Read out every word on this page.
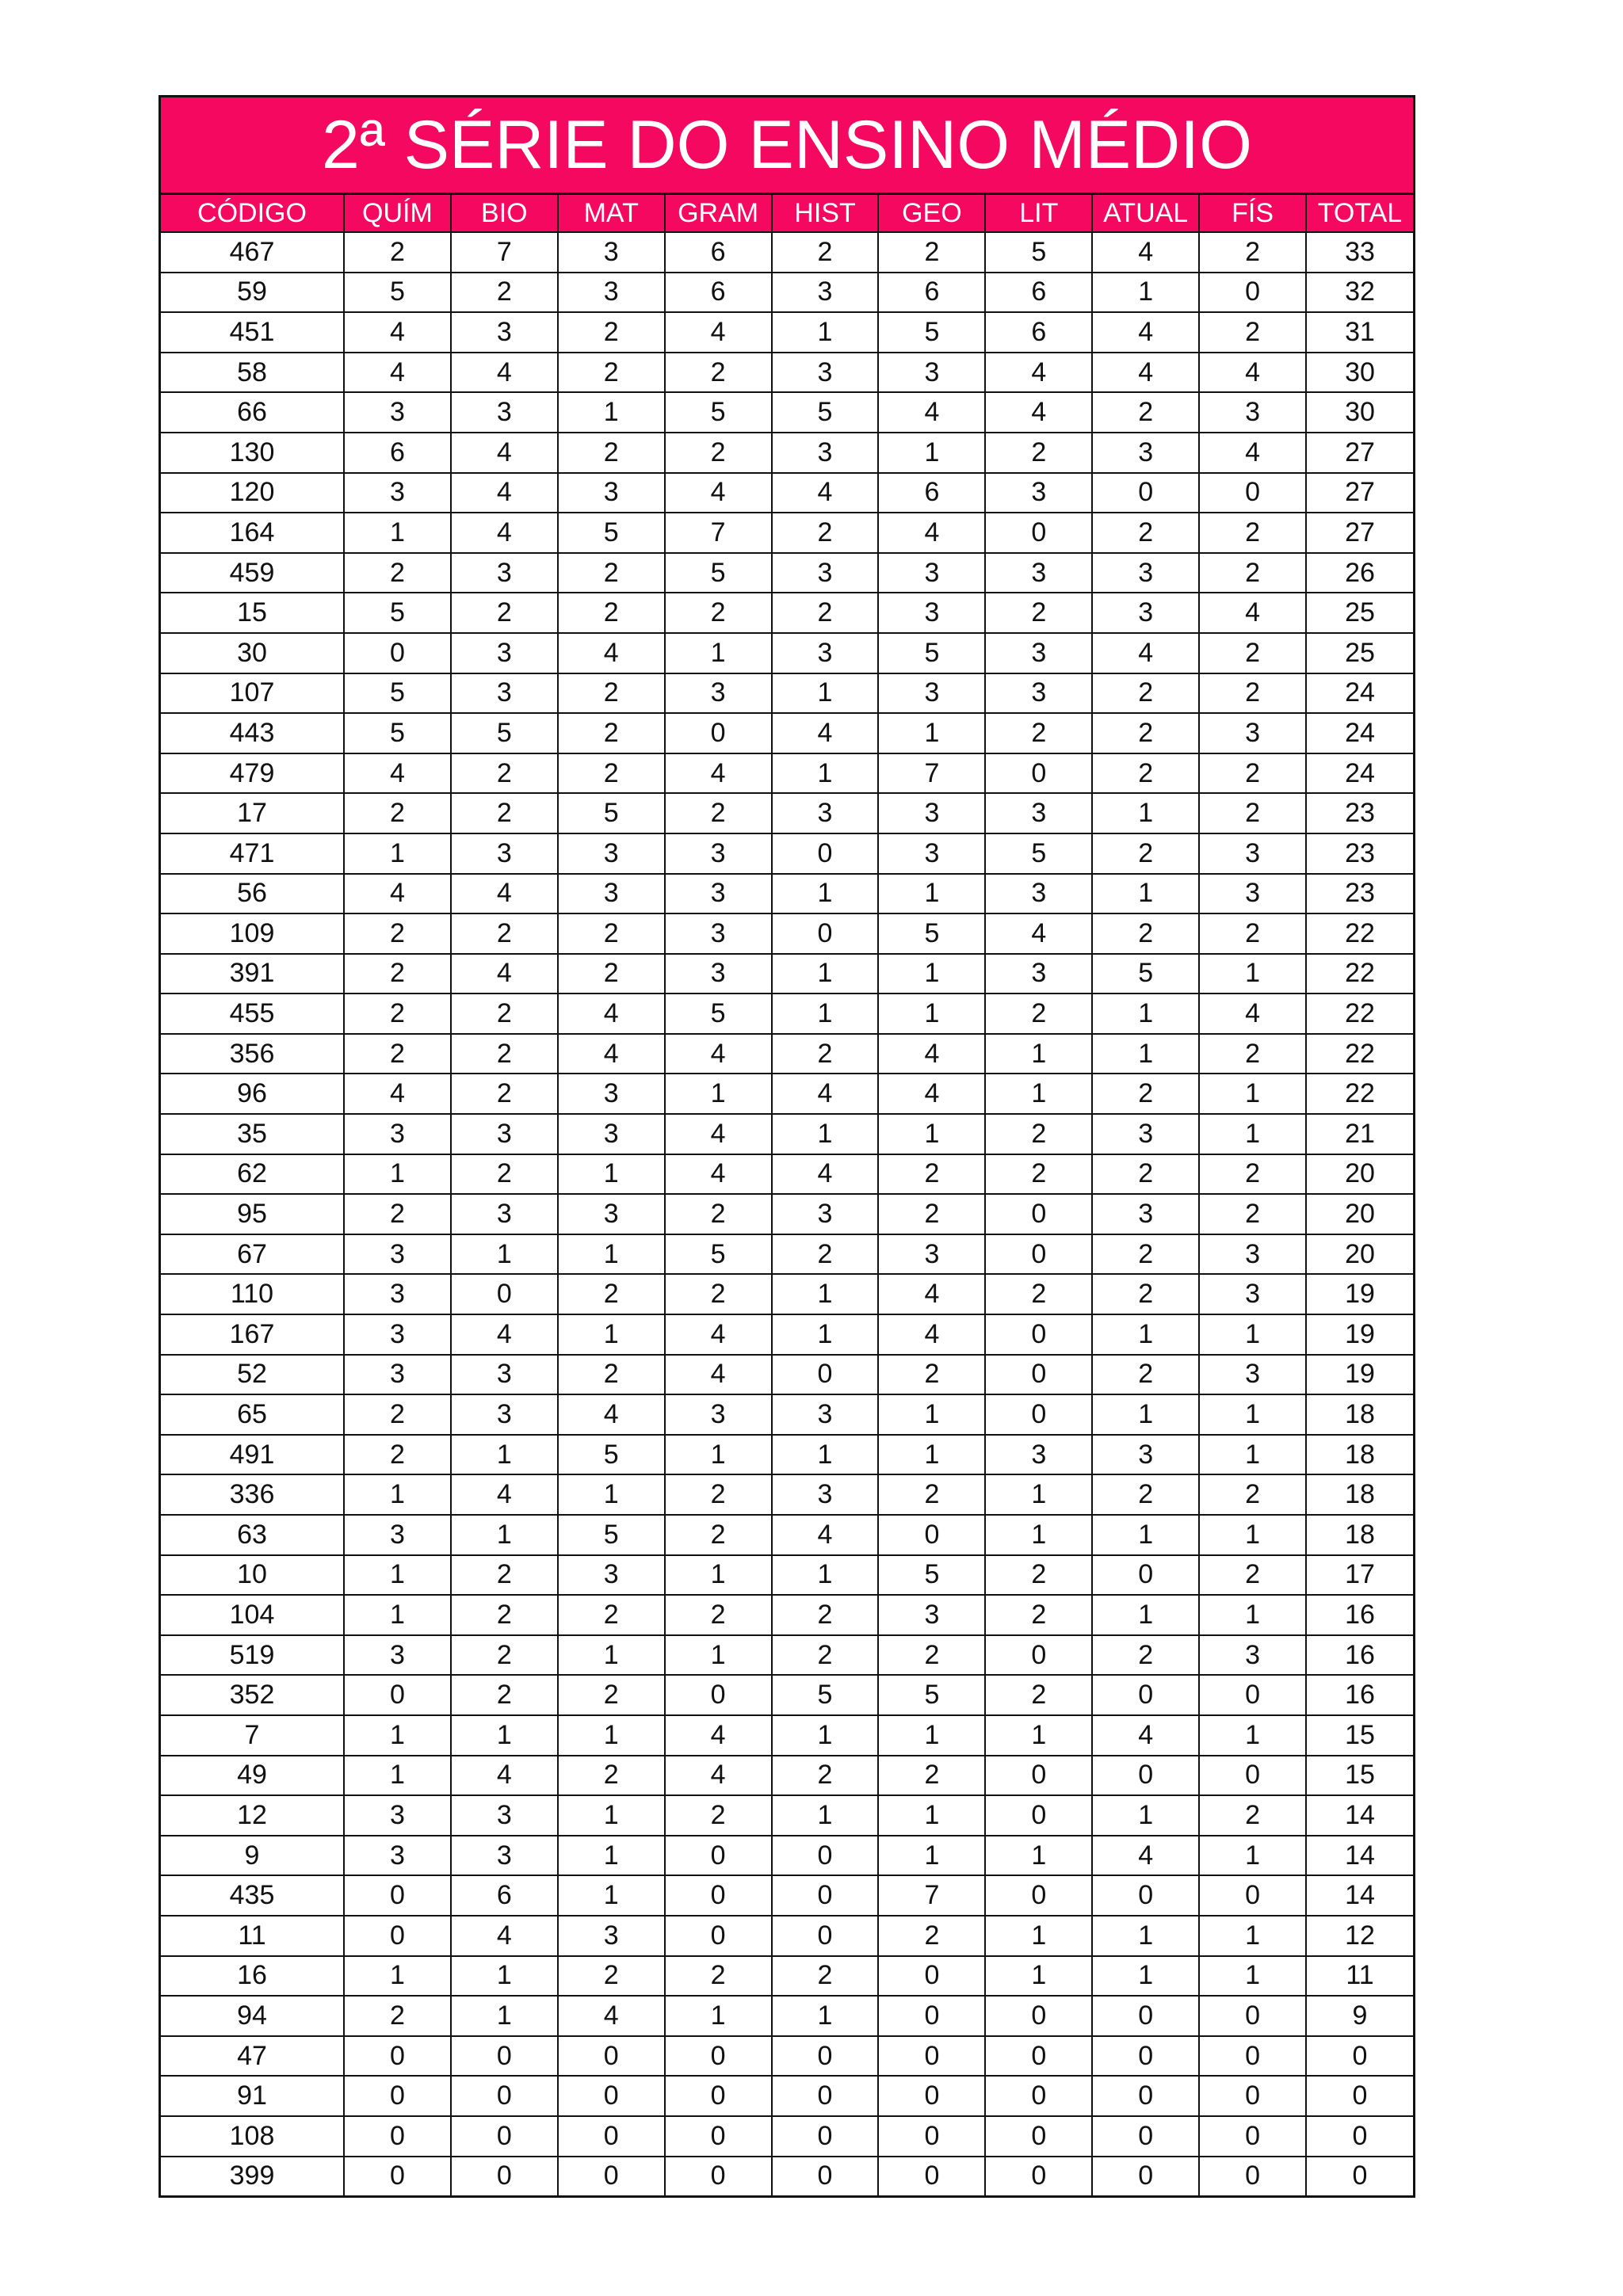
2ª SÉRIE DO ENSINO MÉDIO
CÓDIGO	QUÍM	BIO	MAT	GRAM	HIST	GEO	LIT	ATUAL	FÍS	TOTAL
467	2	7	3	6	2	2	5	4	2	33
59	5	2	3	6	3	6	6	1	0	32
451	4	3	2	4	1	5	6	4	2	31
58	4	4	2	2	3	3	4	4	4	30
66	3	3	1	5	5	4	4	2	3	30
130	6	4	2	2	3	1	2	3	4	27
120	3	4	3	4	4	6	3	0	0	27
164	1	4	5	7	2	4	0	2	2	27
459	2	3	2	5	3	3	3	3	2	26
15	5	2	2	2	2	3	2	3	4	25
30	0	3	4	1	3	5	3	4	2	25
107	5	3	2	3	1	3	3	2	2	24
443	5	5	2	0	4	1	2	2	3	24
479	4	2	2	4	1	7	0	2	2	24
17	2	2	5	2	3	3	3	1	2	23
471	1	3	3	3	0	3	5	2	3	23
56	4	4	3	3	1	1	3	1	3	23
109	2	2	2	3	0	5	4	2	2	22
391	2	4	2	3	1	1	3	5	1	22
455	2	2	4	5	1	1	2	1	4	22
356	2	2	4	4	2	4	1	1	2	22
96	4	2	3	1	4	4	1	2	1	22
35	3	3	3	4	1	1	2	3	1	21
62	1	2	1	4	4	2	2	2	2	20
95	2	3	3	2	3	2	0	3	2	20
67	3	1	1	5	2	3	0	2	3	20
110	3	0	2	2	1	4	2	2	3	19
167	3	4	1	4	1	4	0	1	1	19
52	3	3	2	4	0	2	0	2	3	19
65	2	3	4	3	3	1	0	1	1	18
491	2	1	5	1	1	1	3	3	1	18
336	1	4	1	2	3	2	1	2	2	18
63	3	1	5	2	4	0	1	1	1	18
10	1	2	3	1	1	5	2	0	2	17
104	1	2	2	2	2	3	2	1	1	16
519	3	2	1	1	2	2	0	2	3	16
352	0	2	2	0	5	5	2	0	0	16
7	1	1	1	4	1	1	1	4	1	15
49	1	4	2	4	2	2	0	0	0	15
12	3	3	1	2	1	1	0	1	2	14
9	3	3	1	0	0	1	1	4	1	14
435	0	6	1	0	0	7	0	0	0	14
11	0	4	3	0	0	2	1	1	1	12
16	1	1	2	2	2	0	1	1	1	11
94	2	1	4	1	1	0	0	0	0	9
47	0	0	0	0	0	0	0	0	0	0
91	0	0	0	0	0	0	0	0	0	0
108	0	0	0	0	0	0	0	0	0	0
399	0	0	0	0	0	0	0	0	0	0
